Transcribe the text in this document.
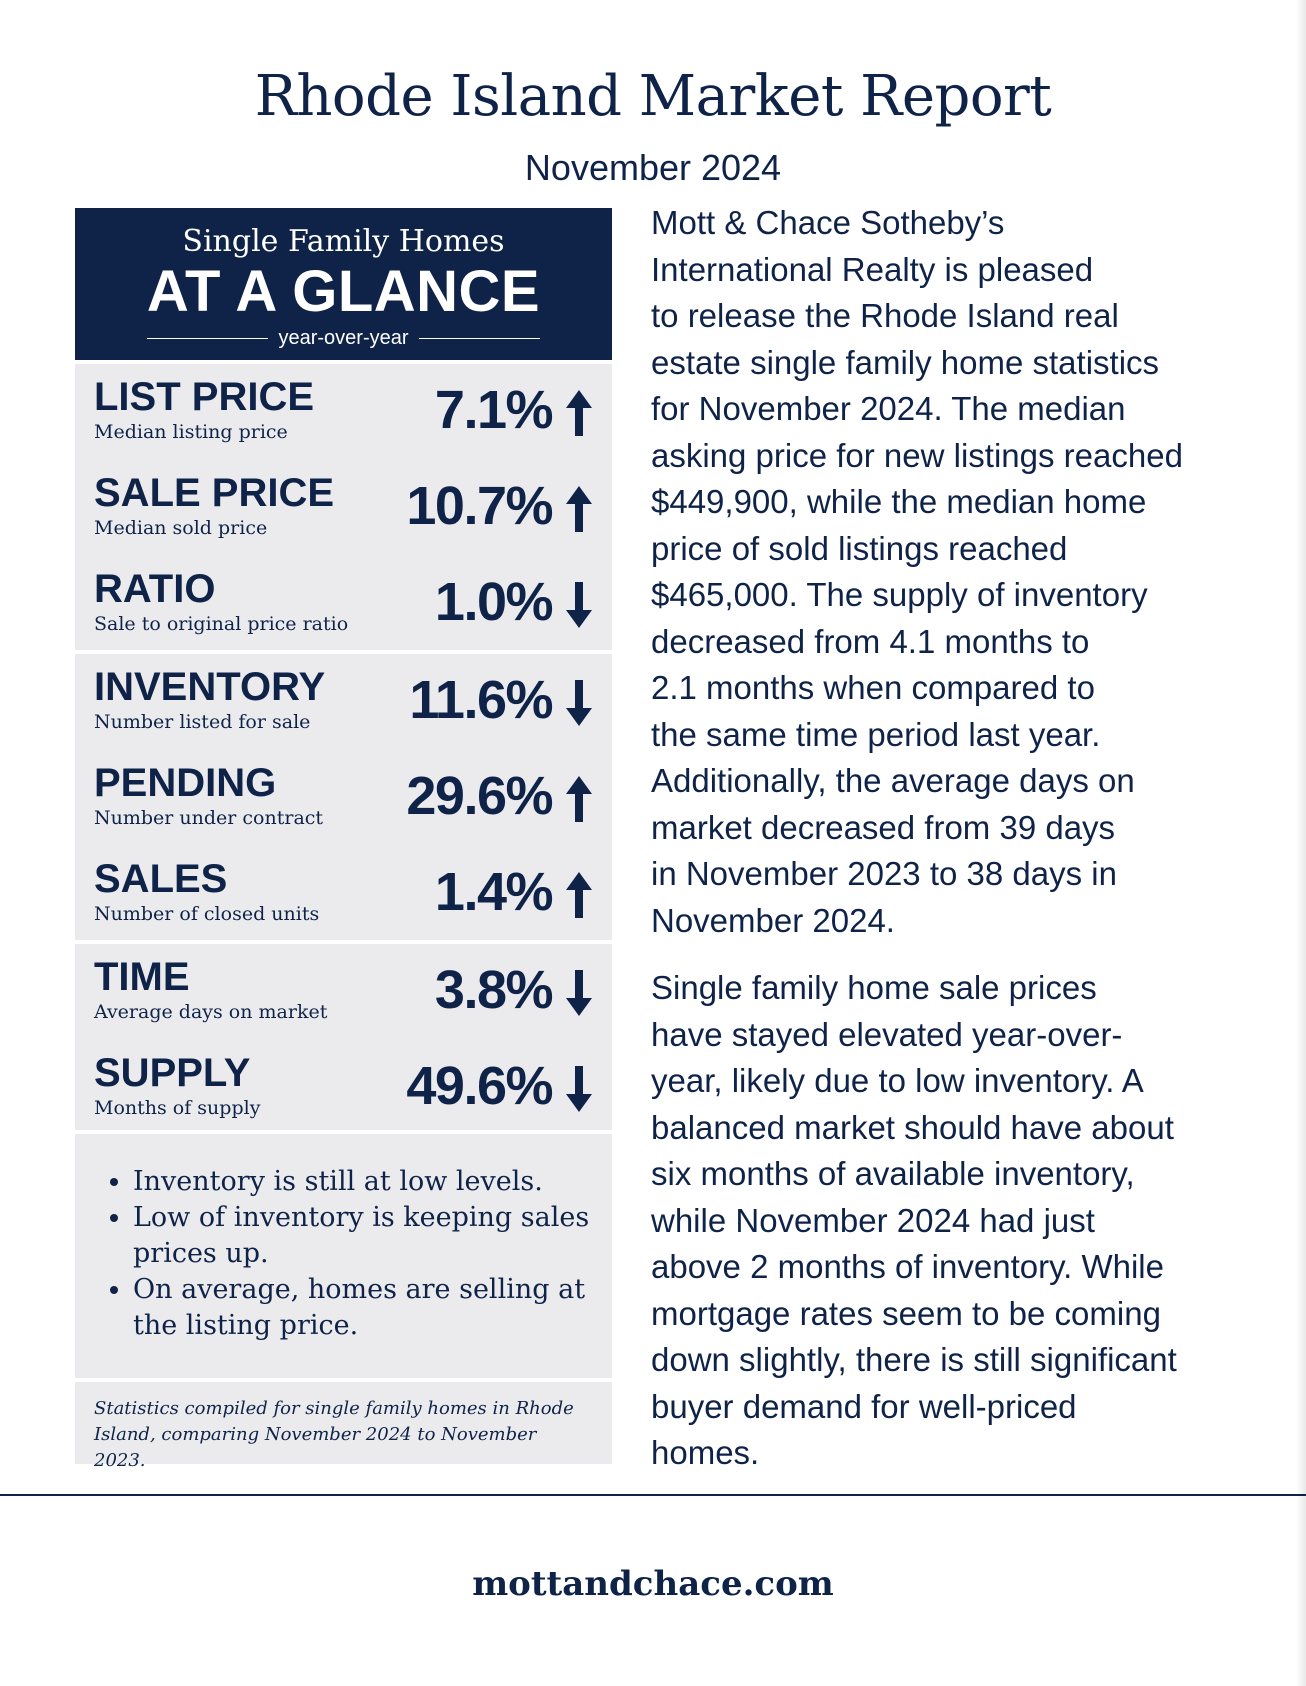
Rhode Island Market Report
November 2024
Single Family Homes
AT A GLANCE
year-over-year
LIST PRICE
Median listing price	7.1%
SALE PRICE
Median sold price	10.7%
RATIO
Sale to original price ratio 1.0%
INVENTORY
Number listed for sale 11.6%
PENDING
Number under contract 29.6%
SALES
Number of closed units 1.4%
TIME
Average days on market 3.8%
SUPPLY
Months of supply	49.6%
• Inventory is still at low levels.
• Low of inventory is keeping sales prices up.
• On average, homes are selling at the listing price.

Statistics compiled for single family homes in Rhode Island, comparing November 2024 to November 2023.

Mott & Chace Sotheby’s
International Realty is pleased
to release the Rhode Island real
estate single family home statistics
for November 2024. The median
asking price for new listings reached
$449,900, while the median home
price of sold listings reached
$465,000. The supply of inventory
decreased from 4.1 months to
2.1 months when compared to
the same time period last year.
Additionally, the average days on
market decreased from 39 days
in November 2023 to 38 days in
November 2024.

Single family home sale prices
have stayed elevated year-over-
year, likely due to low inventory. A
balanced market should have about
six months of available inventory,
while November 2024 had just
above 2 months of inventory. While
mortgage rates seem to be coming
down slightly, there is still significant
buyer demand for well-priced
homes.

mottandchace.com
